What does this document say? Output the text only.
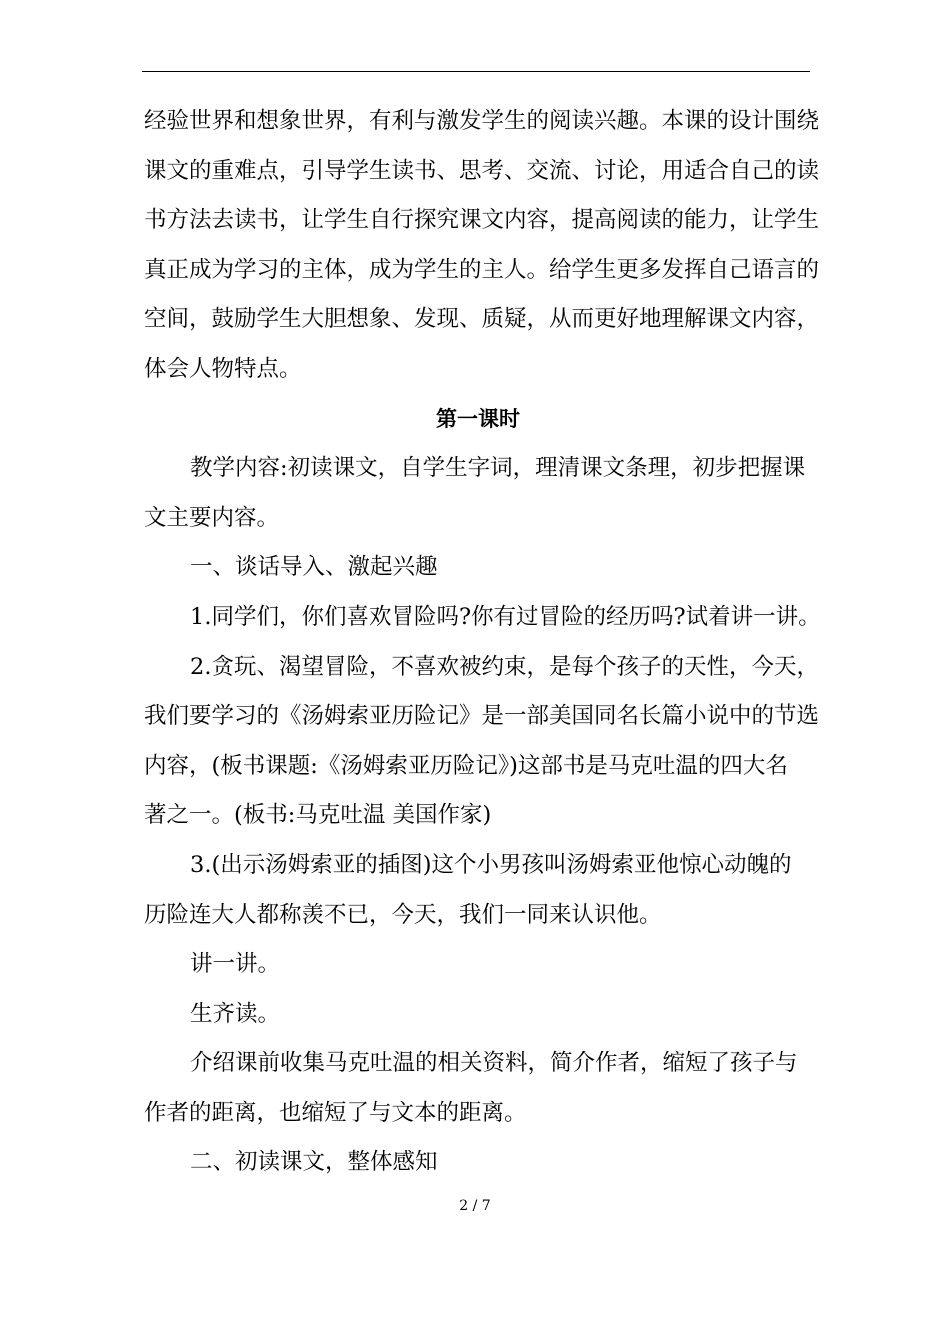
经验世界和想象世界，有利与激发学生的阅读兴趣。本课的设计围绕

课文的重难点，引导学生读书、思考、交流、讨论，用适合自己的读

书方法去读书，让学生自行探究课文内容，提高阅读的能力，让学生

真正成为学习的主体，成为学生的主人。给学生更多发挥自己语言的

空间，鼓励学生大胆想象、发现、质疑，从而更好地理解课文内容，

体会人物特点。

第一课时

教学内容:初读课文，自学生字词，理清课文条理，初步把握课

文主要内容。

一、谈话导入、激起兴趣

1.同学们，你们喜欢冒险吗?你有过冒险的经历吗?试着讲一讲。

2.贪玩、渴望冒险，不喜欢被约束，是每个孩子的天性，今天，

我们要学习的《汤姆索亚历险记》是一部美国同名长篇小说中的节选

内容，(板书课题:《汤姆索亚历险记》)这部书是马克吐温的四大名

著之一。(板书:马克吐温 美国作家)

3.(出示汤姆索亚的插图)这个小男孩叫汤姆索亚他惊心动魄的

历险连大人都称羡不已，今天，我们一同来认识他。

讲一讲。

生齐读。

介绍课前收集马克吐温的相关资料，简介作者，缩短了孩子与

作者的距离，也缩短了与文本的距离。

二、初读课文，整体感知

2 / 7
